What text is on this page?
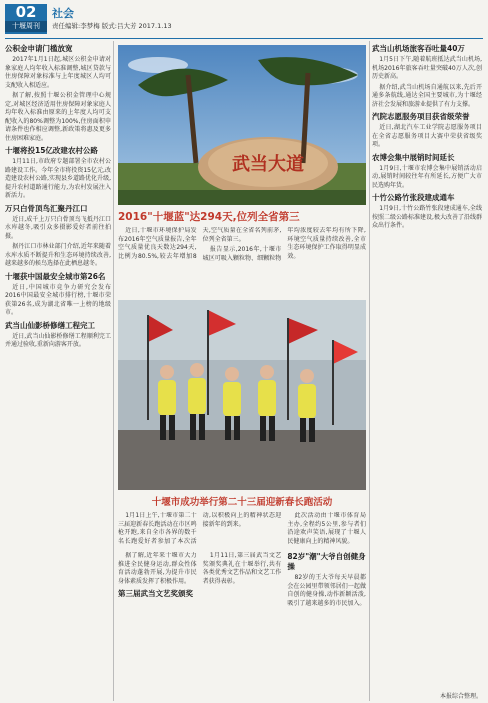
02
十堰周刊
社会
责任编辑:李梦梅 版式:吕大芳 2017.1.13
公积金申请门槛放宽

2017年1月1日起,城区公积金申请对象家庭人均年收入标准调整,城区贷款与住房保障对象标准与上年度城区人均可支配收入相适应。

据了解,按照十堰公积金管理中心规定,对城区经济适用住房保障对象家庭人均年收入标准由原来的上年度人均可支配收入的80%调整为100%,住房面积申请条件也作相应调整,新政策将惠及更多住房困难家庭。

十堰将投15亿改建农村公路

1月11日,市政府专题部署全市农村公路建设工作。今年全市将投资15亿元,改造建设农村公路,实现县乡道路优化升级,提升农村道路通行能力,为农村发展注入新活力。

万只白骨顶鸟汇聚丹江口

近日,成千上万只白骨顶鸟飞抵丹江口水库越冬,吸引众多摄影爱好者前往拍摄。

据丹江口市林业部门介绍,近年来随着水库水质不断提升和生态环境持续改善,越来越多的候鸟选择在此栖息越冬。

十堰获中国最安全城市第26名

近日,中国城市竞争力研究会发布2016中国最安全城市排行榜,十堰市荣获第26名,成为湖北省唯一上榜的地级市。

武当山仙影桥修缮工程完工

近日,武当山仙影桥修缮工程顺利完工并通过验收,重新向游客开放。

武当大道
2016"十堰蓝"达294天,位列全省第三

近日,十堰市环境保护局发布2016年空气质量报告,全年空气质量优良天数达294天,比例为80.5%,较去年增加8天,空气质量在全省名列前茅,位列全省第三。

报告显示,2016年,十堰市城区可吸入颗粒物、细颗粒物年均浓度较去年均有所下降,环境空气质量持续改善,全市生态环境保护工作取得明显成效。

十堰市成功举行第二十三届迎新春长跑活动

1月1日上午,十堰市第二十三届迎新春长跑活动在市区鸣枪开跑,来自全市各界的数千名长跑爱好者参加了本次活动,以积极向上的精神状态迎接新年的到来。

此次活动由十堰市体育局主办,全程约5公里,参与者们沿途欢声笑语,展现了十堰人民健康向上的精神风貌。

据了解,近年来十堰市大力推进全民健身运动,群众性体育活动蓬勃开展,为提升市民身体素质发挥了积极作用。

第三届武当文艺奖颁奖

1月11日,第三届武当文艺奖颁奖典礼在十堰举行,共有各类优秀文艺作品和文艺工作者获得表彰。

82岁"潮"大爷自创健身操

82岁的王大爷每天早晨都会在公园里带领邻居们一起做自创的健身操,动作新颖活泼,吸引了越来越多的市民加入。

武当山机场旅客吞吐量40万

1月5日下午,随着航班抵达武当山机场,机场2016年旅客吞吐量突破40万人次,创历史新高。

据介绍,武当山机场自通航以来,先后开通多条航线,通达全国主要城市,为十堰经济社会发展和旅游业提供了有力支撑。

汽院志愿服务项目获省级荣誉

近日,湖北汽车工业学院志愿服务项目在全省志愿服务项目大赛中荣获省级奖项。

农博会集中展销时间延长

1月9日,十堰市农博会集中展销活动启动,展销时间较往年有所延长,方便广大市民选购年货。

十竹公路竹张段建成通车

1月9日,十竹公路竹张段建成通车,全线按照二级公路标准建设,极大改善了沿线群众出行条件。

本报综合整理。
